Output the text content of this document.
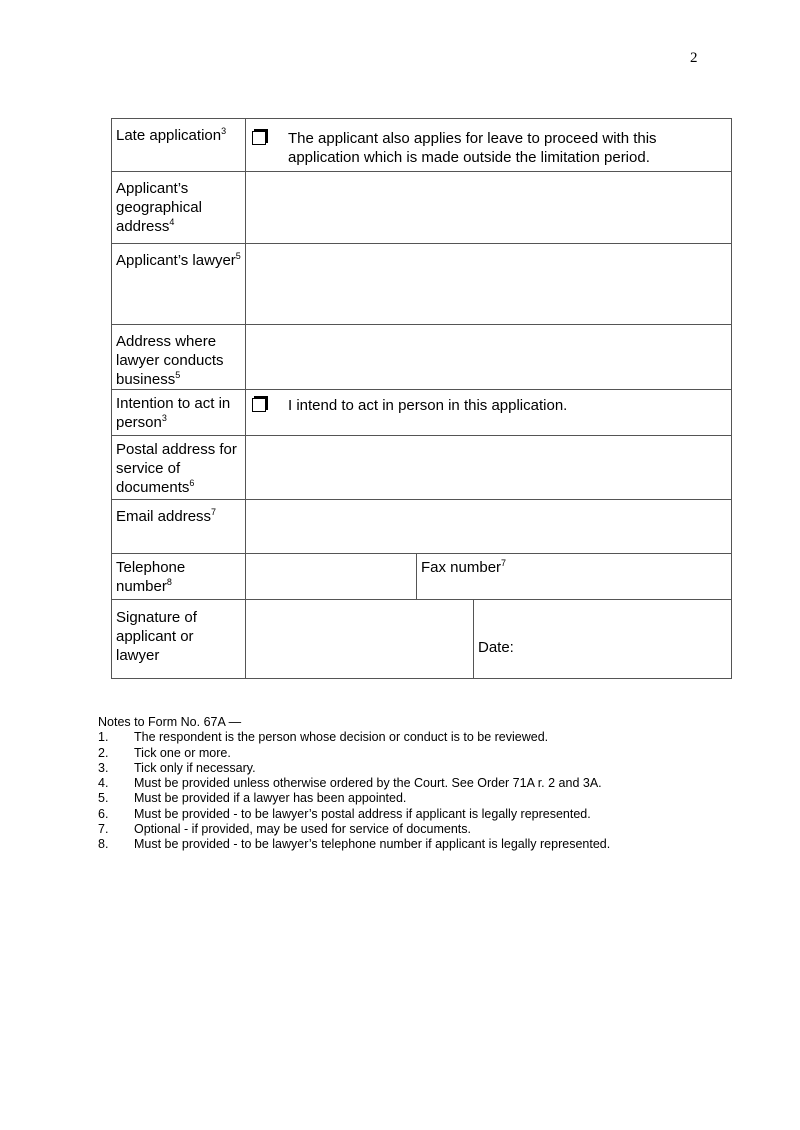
2
Late application$^3$	The applicant also applies for leave to proceed with this application which is made outside the limitation period.		

Applicant’s geographical address$^4$	
Applicant’s lawyer$^5$	
Address where lawyer conducts business$^5$	
Intention to act in person$^3$	I intend to act in person in this application.		

Postal address for service of documents$^6$	
Email address$^7$	
Telephone number$^8$		Fax number$^7$

Signature of applicant or lawyer			Date:
Notes to Form No. 67A —
1.	The respondent is the person whose decision or conduct is to be reviewed.
2.	Tick one or more.
3.	Tick only if necessary.
4.	Must be provided unless otherwise ordered by the Court. See Order 71A r. 2 and 3A.
5.	Must be provided if a lawyer has been appointed.
6.	Must be provided - to be lawyer’s postal address if applicant is legally represented.
7.	Optional - if provided, may be used for service of documents.
8.	Must be provided - to be lawyer’s telephone number if applicant is legally represented.
